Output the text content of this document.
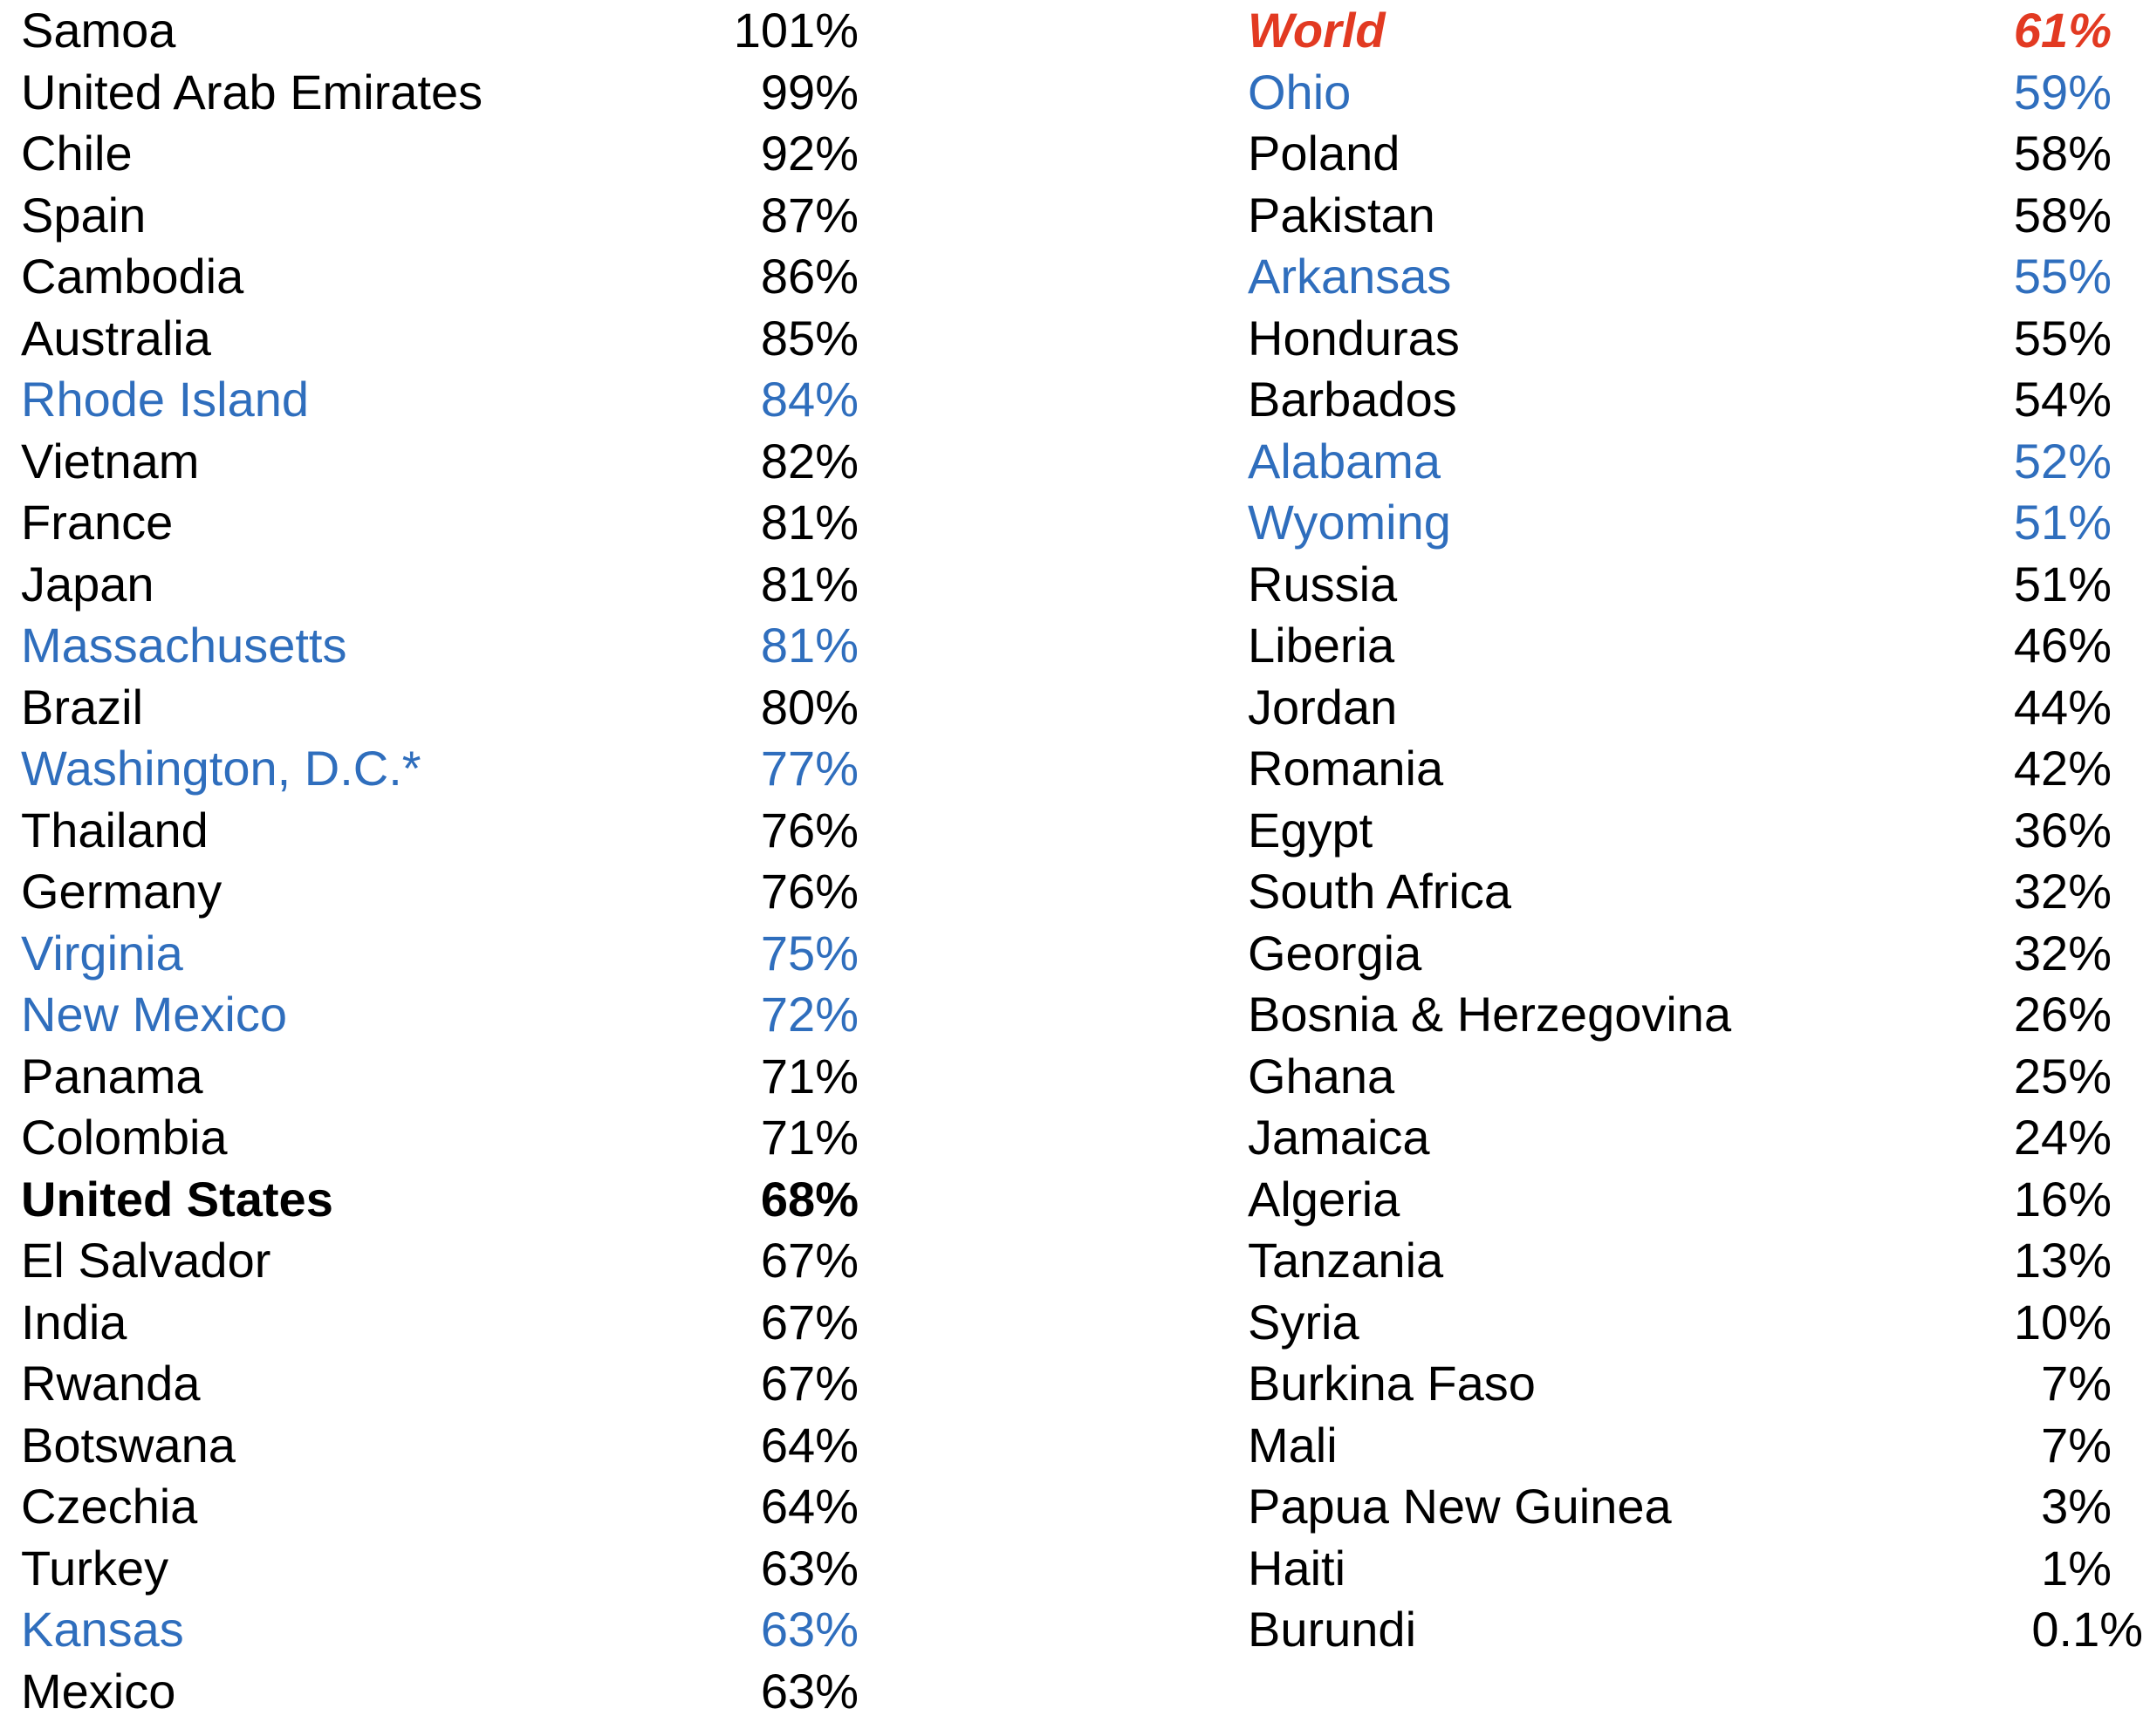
Samoa	101%
United Arab Emirates	99%
Chile	92%
Spain	87%
Cambodia	86%
Australia	85%
Rhode Island	84%
Vietnam	82%
France	81%
Japan	81%
Massachusetts	81%
Brazil	80%
Washington, D.C.*	77%
Thailand	76%
Germany	76%
Virginia	75%
New Mexico	72%
Panama	71%
Colombia	71%
United States	68%
El Salvador	67%
India	67%
Rwanda	67%
Botswana	64%
Czechia	64%
Turkey	63%
Kansas	63%
Mexico	63%
World	61%
Ohio	59%
Poland	58%
Pakistan	58%
Arkansas	55%
Honduras	55%
Barbados	54%
Alabama	52%
Wyoming	51%
Russia	51%
Liberia	46%
Jordan	44%
Romania	42%
Egypt	36%
South Africa	32%
Georgia	32%
Bosnia & Herzegovina	26%
Ghana	25%
Jamaica	24%
Algeria	16%
Tanzania	13%
Syria	10%
Burkina Faso	7%
Mali	7%
Papua New Guinea	3%
Haiti	1%
Burundi	0.1%
